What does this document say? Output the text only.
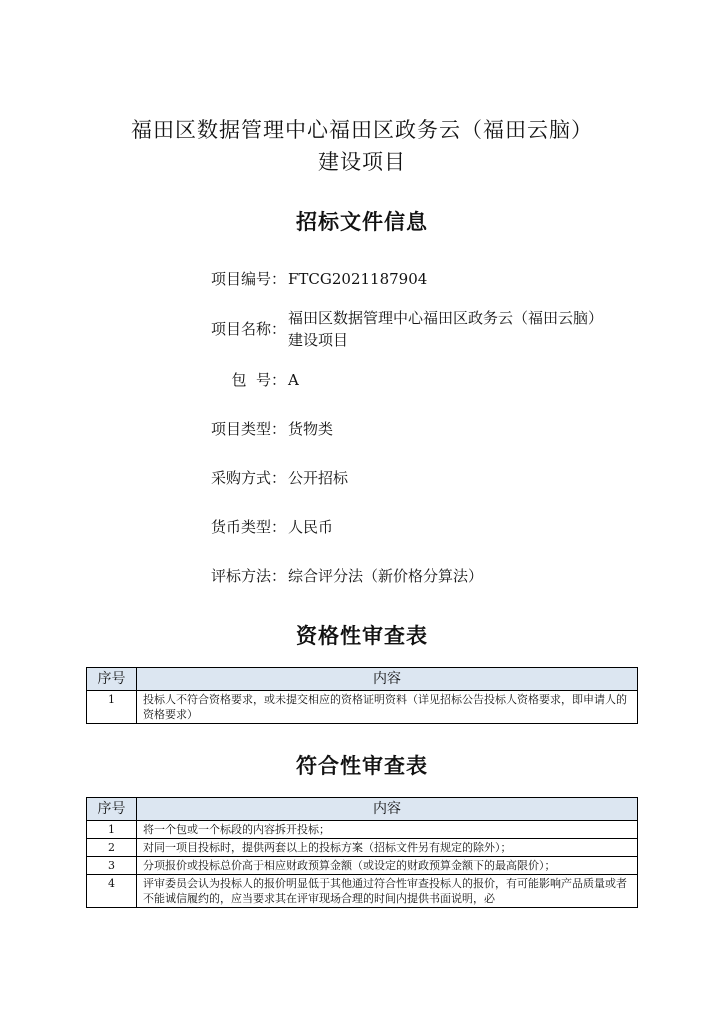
福田区数据管理中心福田区政务云（福田云脑）
建设项目
招标文件信息
项目编号： FTCG2021187904
项目名称：
福田区数据管理中心福田区政务云（福田云脑）建设项目
包  号： A
项目类型： 货物类
采购方式： 公开招标
货币类型： 人民币
评标方法： 综合评分法（新价格分算法）
资格性审查表
序号	内容
1	投标人不符合资格要求，或未提交相应的资格证明资料（详见招标公告投标人资格要求，即申请人的资格要求）
符合性审查表
序号	内容
1	将一个包或一个标段的内容拆开投标；
2	对同一项目投标时，提供两套以上的投标方案（招标文件另有规定的除外）；
3	分项报价或投标总价高于相应财政预算金额（或设定的财政预算金额下的最高限价）；
4	评审委员会认为投标人的报价明显低于其他通过符合性审查投标人的报价，有可能影响产品质量或者不能诚信履约的，应当要求其在评审现场合理的时间内提供书面说明，必
